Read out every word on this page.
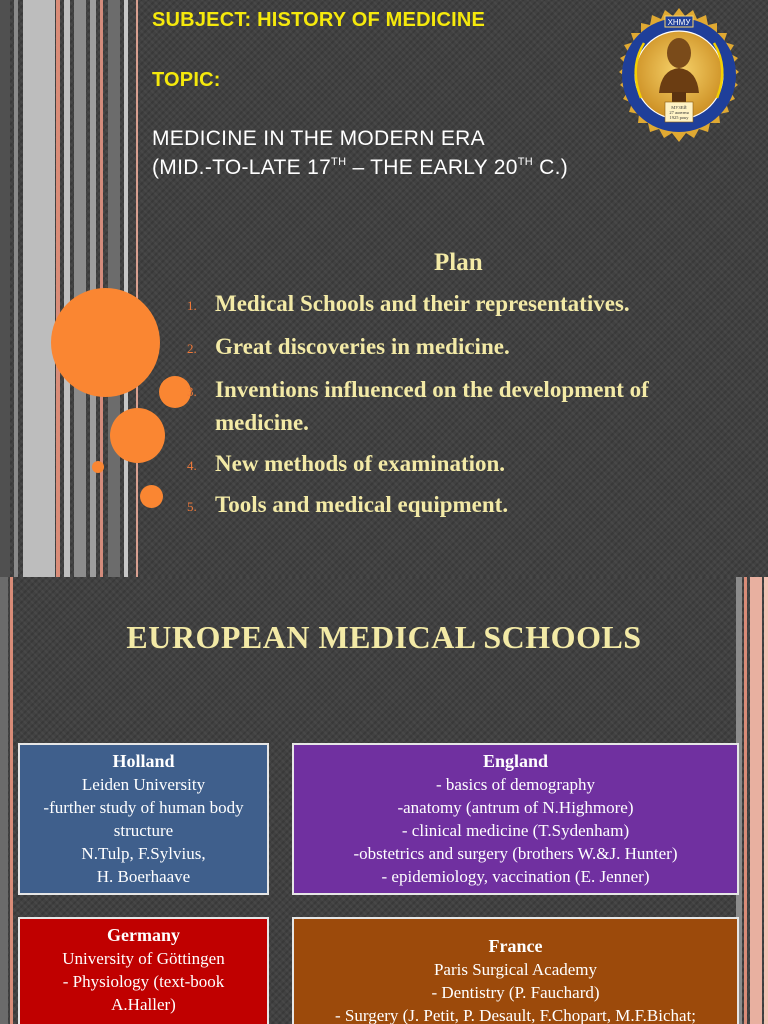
SUBJECT: HISTORY OF MEDICINE
TOPIC:
MEDICINE IN THE MODERN ERA
(MID.-TO-LATE 17TH – THE EARLY 20TH C.)
ХНМУ
МУЗЕЙ
27 жовтня
1925 року
Plan
1. Medical Schools and their representatives.
2. Great discoveries in medicine.
3. Inventions influenced on the development of medicine.
4. New methods of examination.
5. Tools and medical equipment.
EUROPEAN MEDICAL SCHOOLS
Holland
Leiden University
-further study of human body
structure
N.Tulp, F.Sylvius,
H. Boerhaave
England
- basics of demography
-anatomy (antrum of N.Highmore)
- clinical medicine (T.Sydenham)
-obstetrics and surgery (brothers W.&J. Hunter)
- epidemiology, vaccination (E. Jenner)
Germany
University of Göttingen
- Physiology (text-book
A.Haller)
France
Paris Surgical Academy
- Dentistry (P. Fauchard)
- Surgery (J. Petit, P. Desault, F.Chopart, M.F.Bichat;
